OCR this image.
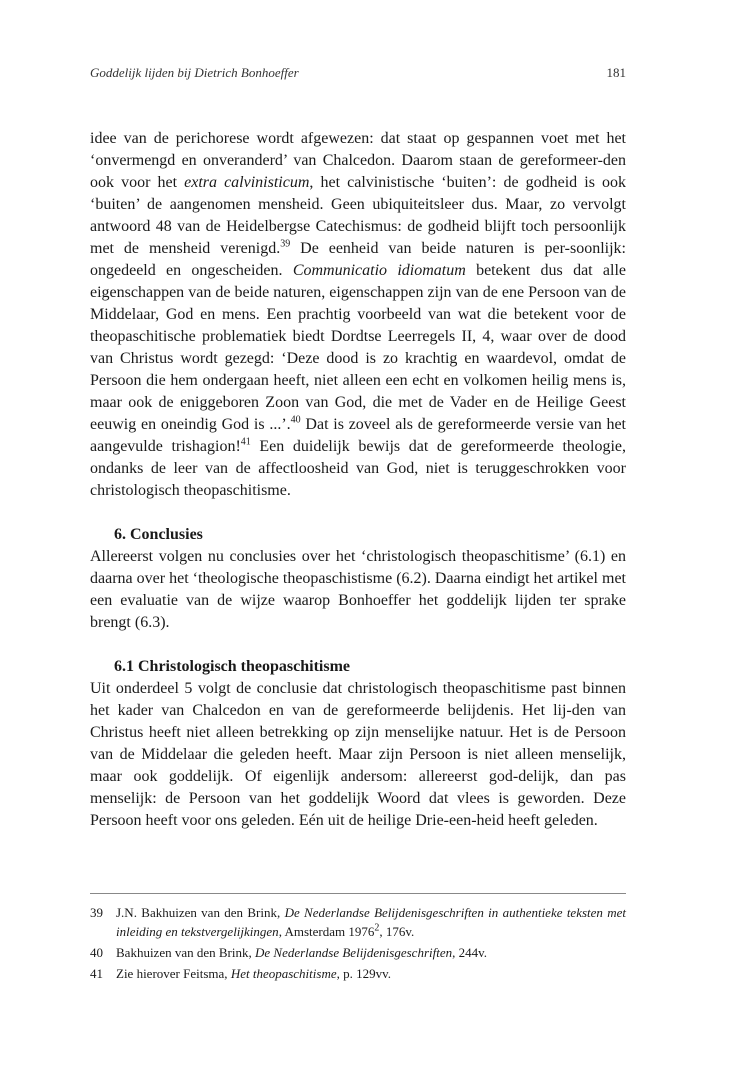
Goddelijk lijden bij Dietrich Bonhoeffer	181

idee van de perichorese wordt afgewezen: dat staat op gespannen voet met het ‘onvermengd en onveranderd’ van Chalcedon. Daarom staan de gereformeer-den ook voor het extra calvinisticum, het calvinistische ‘buiten’: de godheid is ook ‘buiten’ de aangenomen mensheid. Geen ubiquiteitsleer dus. Maar, zo vervolgt antwoord 48 van de Heidelbergse Catechismus: de godheid blijft toch persoonlijk met de mensheid verenigd.$^{39}$ De eenheid van beide naturen is per-soonlijk: ongedeeld en ongescheiden. Communicatio idiomatum betekent dus dat alle eigenschappen van de beide naturen, eigenschappen zijn van de ene Persoon van de Middelaar, God en mens. Een prachtig voorbeeld van wat die betekent voor de theopaschitische problematiek biedt Dordtse Leerregels II, 4, waar over de dood van Christus wordt gezegd: ‘Deze dood is zo krachtig en waardevol, omdat de Persoon die hem ondergaan heeft, niet alleen een echt en volkomen heilig mens is, maar ook de eniggeboren Zoon van God, die met de Vader en de Heilige Geest eeuwig en oneindig God is ...’.$^{40}$ Dat is zoveel als de gereformeerde versie van het aangevulde trishagion!$^{41}$ Een duidelijk bewijs dat de gereformeerde theologie, ondanks de leer van de affectloosheid van God, niet is teruggeschrokken voor christologisch theopaschitisme.

6. Conclusies

Allereerst volgen nu conclusies over het ‘christologisch theopaschitisme’ (6.1) en daarna over het ‘theologische theopaschistisme (6.2). Daarna eindigt het artikel met een evaluatie van de wijze waarop Bonhoeffer het goddelijk lijden ter sprake brengt (6.3).

6.1 Christologisch theopaschitisme

Uit onderdeel 5 volgt de conclusie dat christologisch theopaschitisme past binnen het kader van Chalcedon en van de gereformeerde belijdenis. Het lij-den van Christus heeft niet alleen betrekking op zijn menselijke natuur. Het is de Persoon van de Middelaar die geleden heeft. Maar zijn Persoon is niet alleen menselijk, maar ook goddelijk. Of eigenlijk andersom: allereerst god-delijk, dan pas menselijk: de Persoon van het goddelijk Woord dat vlees is geworden. Deze Persoon heeft voor ons geleden. Eén uit de heilige Drie-een-heid heeft geleden.

39	J.N. Bakhuizen van den Brink, De Nederlandse Belijdenisgeschriften in authentieke teksten met inleiding en tekstvergelijkingen, Amsterdam 1976$^2$, 176v.
40	Bakhuizen van den Brink, De Nederlandse Belijdenisgeschriften, 244v.
41	Zie hierover Feitsma, Het theopaschitisme, p. 129vv.
